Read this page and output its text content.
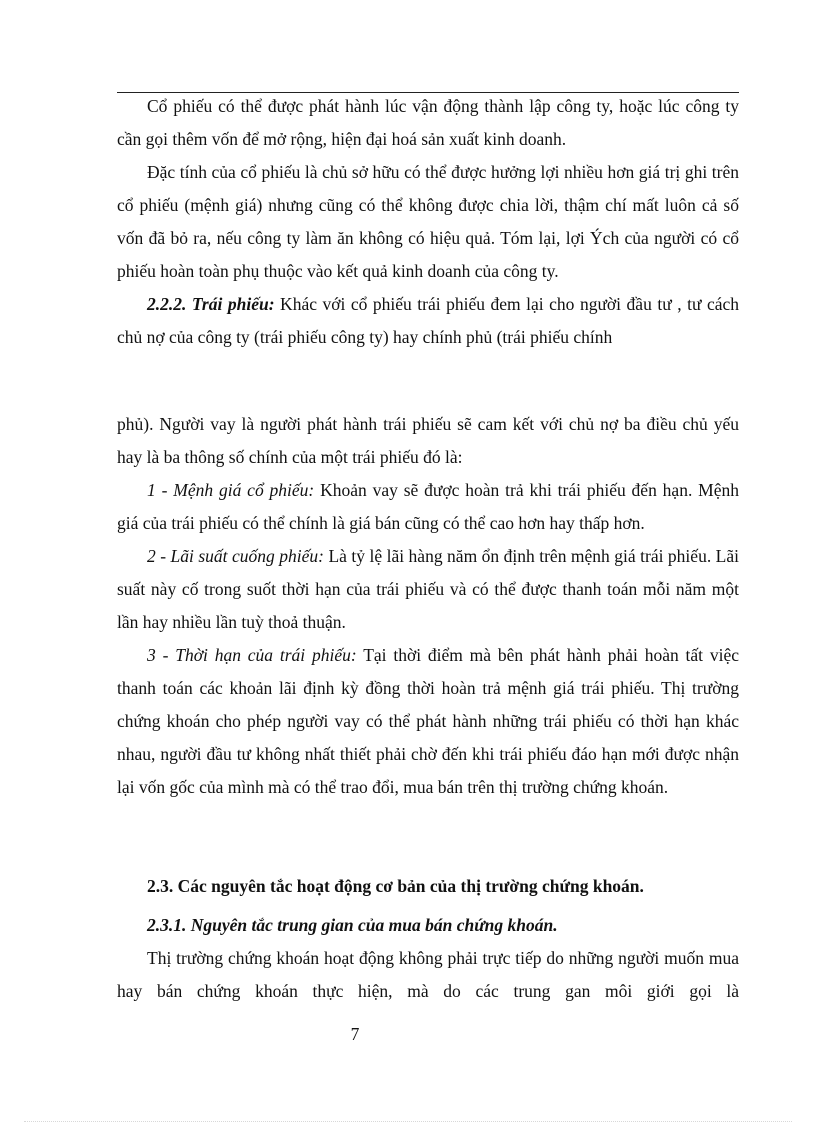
Cổ phiếu có thể được phát hành lúc vận động thành lập công ty, hoặc lúc công ty cần gọi thêm vốn để mở rộng, hiện đại hoá sản xuất kinh doanh.

Đặc tính của cổ phiếu là chủ sở hữu có thể được hưởng lợi nhiều hơn giá trị ghi trên cổ phiếu (mệnh giá) nhưng cũng có thể không được chia lời, thậm chí mất luôn cả số vốn đã bỏ ra, nếu công ty làm ăn không có hiệu quả. Tóm lại, lợi Ých của người có cổ phiếu hoàn toàn phụ thuộc vào kết quả kinh doanh của công ty.

2.2.2. Trái phiếu: Khác với cổ phiếu trái phiếu đem lại cho người đầu tư , tư cách chủ nợ của công ty (trái phiếu công ty) hay chính phủ (trái phiếu chính

phủ). Người vay là người phát hành trái phiếu sẽ cam kết với chủ nợ ba điều chủ yếu hay là ba thông số chính của một trái phiếu đó là:

1 - Mệnh giá cổ phiếu: Khoản vay sẽ được hoàn trả khi trái phiếu đến hạn. Mệnh giá của trái phiếu có thể chính là giá bán cũng có thể cao hơn hay thấp hơn.

2 - Lãi suất cuống phiếu: Là tỷ lệ lãi hàng năm ổn định trên mệnh giá trái phiếu. Lãi suất này cố trong suốt thời hạn của trái phiếu và có thể được thanh toán mỗi năm một lần hay nhiều lần tuỳ thoả thuận.

3 - Thời hạn của trái phiếu: Tại thời điểm mà bên phát hành phải hoàn tất việc thanh toán các khoản lãi định kỳ đồng thời hoàn trả mệnh giá trái phiếu. Thị trường chứng khoán cho phép người vay có thể phát hành những trái phiếu có thời hạn khác nhau, người đầu tư không nhất thiết phải chờ đến khi trái phiếu đáo hạn mới được nhận lại vốn gốc của mình mà có thể trao đổi, mua bán trên thị trường chứng khoán.

2.3. Các nguyên tắc hoạt động cơ bản của thị trường chứng khoán.

2.3.1. Nguyên tắc trung gian của mua bán chứng khoán.

Thị trường chứng khoán hoạt động không phải trực tiếp do những người muốn mua hay bán chứng khoán thực hiện, mà do các trung gan môi giới gọi là

7
